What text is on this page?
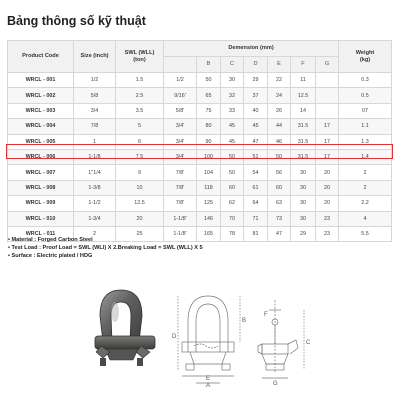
Bảng thông số kỹ thuật
Product Code	Size (inch)	SWL (WLL)
(ton)	Demension (mm)							Weight
(kg)
				B	C	D	E	F	G	
WRCL - 001	1/2	1.5	1/2	50	30	29	22	11		0.3
WRCL - 002	5/8	2.5	9/16'	65	32	37	24	12.5		0.5
WRCL - 003	3/4	3.5	5/8'	75	33	40	26	14		07
WRCL - 004	7/8	5	3/4'	80	45	45	44	31.5	17	1.1
WRCL - 005	1	6	3/4'	90	45	47	46	31.5	17	1.3
WRCL - 006	1-1/8	7.5	3/4'	100	50	51	50	31.5	17	1.4
WRCL - 007	1"1/4	9	7/8'	104	50	54	56	30	20	2
WRCL - 008	1-3/8	10	7/8'	118	60	61	60	30	20	2
WRCL - 009	1-1/2	12.5	7/8'	125	62	64	63	30	20	2.2
WRCL - 010	1-3/4	20	1-1/8'	146	70	71	73	30	23	4
WRCL - 011	2	25	1-1/8'	165	78	81	47	29	23	5.5
• Material : Forged Carbon Steel
• Test Load : Proof Load = SWL (WLI) X 2.Breaking Load = SWL (WLL) X 5
• Surface : Electric plated / HDG
D
B
A
E
C
F
G
